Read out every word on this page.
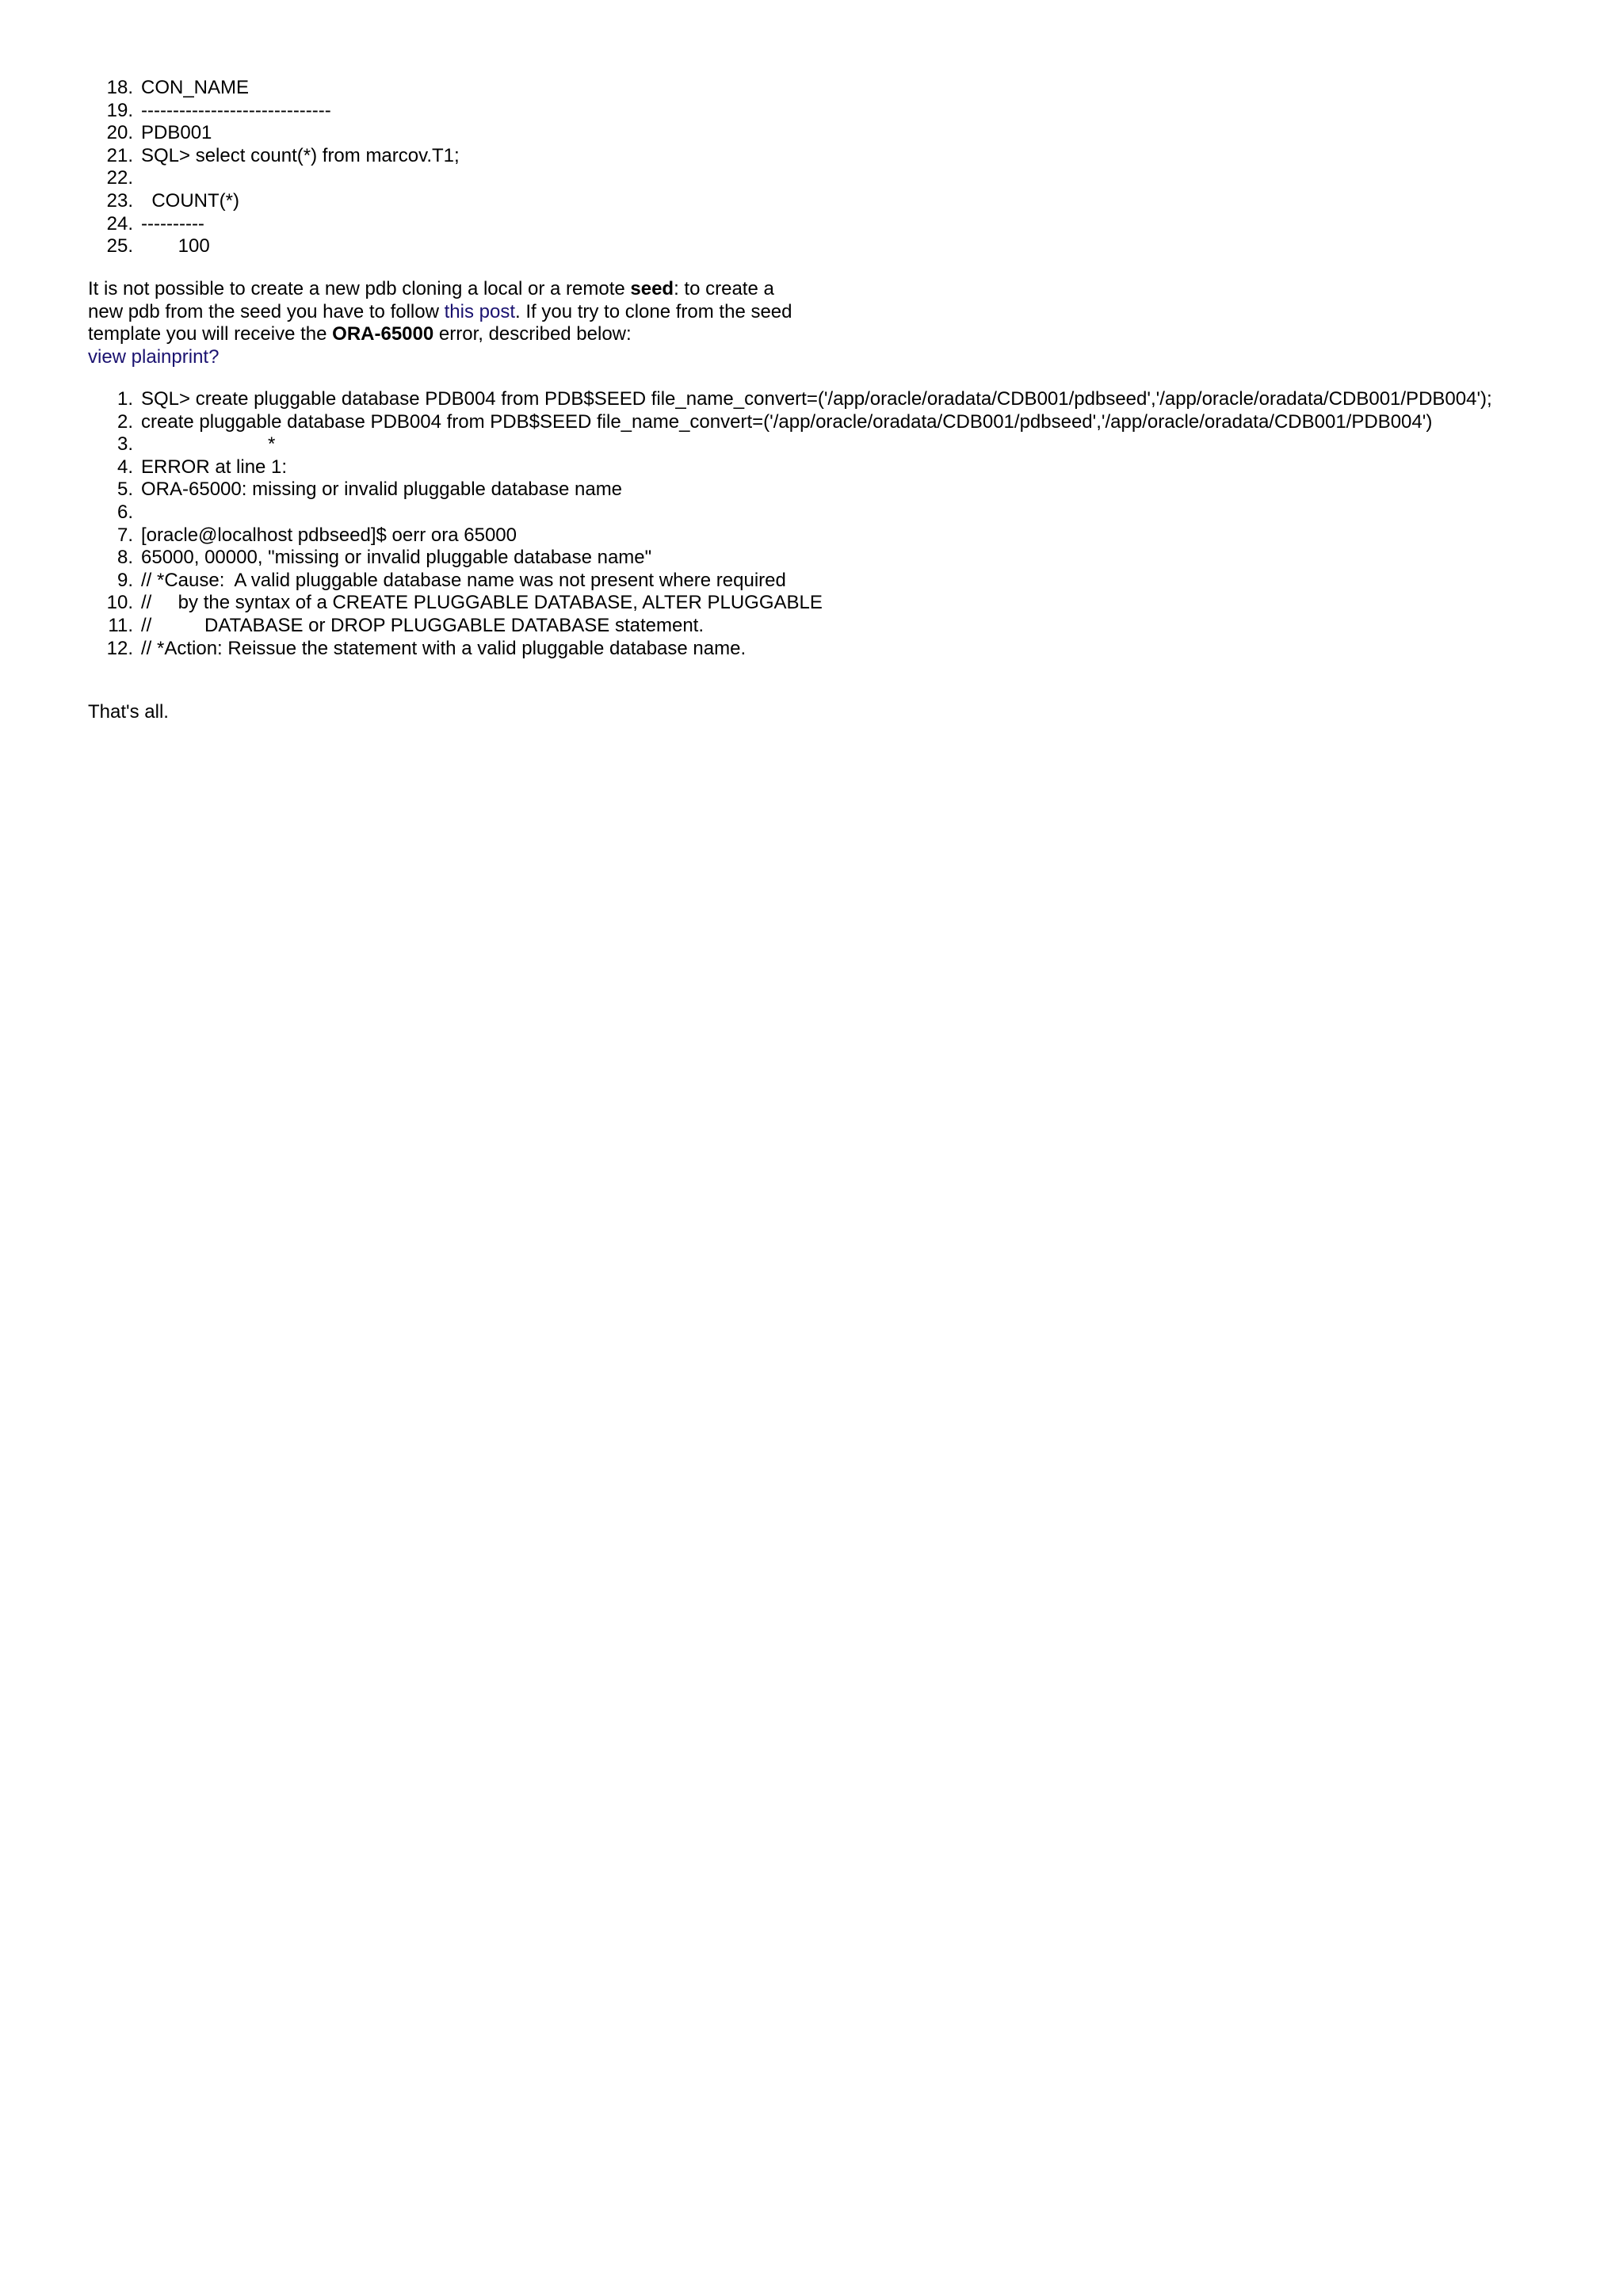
18. CON_NAME
19. ------------------------------
20. PDB001
21. SQL> select count(*) from marcov.T1;
22.
23. COUNT(*)
24. ----------
25. 100

It is not possible to create a new pdb cloning a local or a remote seed: to create a
new pdb from the seed you have to follow this post. If you try to clone from the seed
template you will receive the ORA-65000 error, described below:
view plainprint?

1. SQL> create pluggable database PDB004 from PDB$SEED file_name_convert=('/app/oracle/oradata/CDB001/pdbseed','/app/oracle/oradata/CDB001/PDB004');
2. create pluggable database PDB004 from PDB$SEED file_name_convert=('/app/oracle/oradata/CDB001/pdbseed','/app/oracle/oradata/CDB001/PDB004')
3. *
4. ERROR at line 1:
5. ORA-65000: missing or invalid pluggable database name
6.
7. [oracle@localhost pdbseed]$ oerr ora 65000
8. 65000, 00000, "missing or invalid pluggable database name"
9. // *Cause:  A valid pluggable database name was not present where required
10. //     by the syntax of a CREATE PLUGGABLE DATABASE, ALTER PLUGGABLE
11. //          DATABASE or DROP PLUGGABLE DATABASE statement.
12. // *Action: Reissue the statement with a valid pluggable database name.

That's all.
